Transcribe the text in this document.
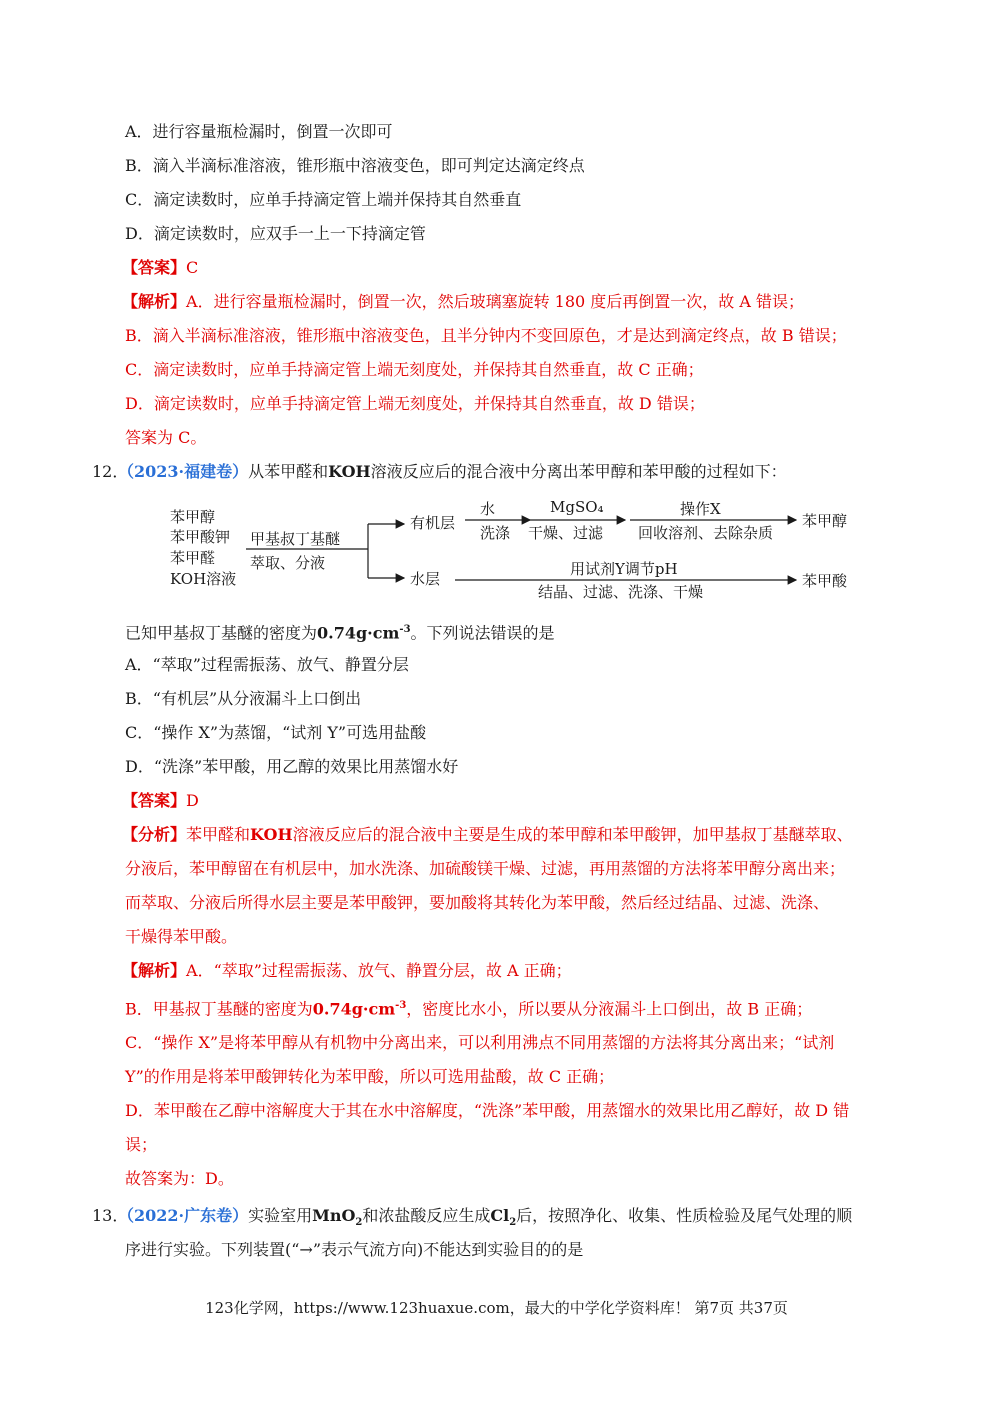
A．进行容量瓶检漏时，倒置一次即可
B．滴入半滴标准溶液，锥形瓶中溶液变色，即可判定达滴定终点
C．滴定读数时，应单手持滴定管上端并保持其自然垂直
D．滴定读数时，应双手一上一下持滴定管
【答案】C
【解析】A．进行容量瓶检漏时，倒置一次，然后玻璃塞旋转 180 度后再倒置一次，故 A 错误；
B．滴入半滴标准溶液，锥形瓶中溶液变色，且半分钟内不变回原色，才是达到滴定终点，故 B 错误；
C．滴定读数时，应单手持滴定管上端无刻度处，并保持其自然垂直，故 C 正确；
D．滴定读数时，应单手持滴定管上端无刻度处，并保持其自然垂直，故 D 错误；
答案为 C。
12．
（2023·福建卷）从苯甲醛和KOH溶液反应后的混合液中分离出苯甲醇和苯甲酸的过程如下：
苯甲醇
苯甲酸钾
苯甲醛
KOH溶液
甲基叔丁基醚
萃取、分液
有机层
水
洗涤
MgSO₄
干燥、过滤
操作X
回收溶剂、去除杂质
苯甲醇
水层
用试剂Y调节pH
结晶、过滤、洗涤、干燥
苯甲酸
已知甲基叔丁基醚的密度为$0.74g\cdot cm^{-3}$。下列说法错误的是
A．“萃取”过程需振荡、放气、静置分层
B．“有机层”从分液漏斗上口倒出
C．“操作 X”为蒸馏，“试剂 Y”可选用盐酸
D．“洗涤”苯甲酸，用乙醇的效果比用蒸馏水好
【答案】D
【分析】苯甲醛和KOH溶液反应后的混合液中主要是生成的苯甲醇和苯甲酸钾，加甲基叔丁基醚萃取、
分液后，苯甲醇留在有机层中，加水洗涤、加硫酸镁干燥、过滤，再用蒸馏的方法将苯甲醇分离出来；
而萃取、分液后所得水层主要是苯甲酸钾，要加酸将其转化为苯甲酸，然后经过结晶、过滤、洗涤、
干燥得苯甲酸。
【解析】A．“萃取”过程需振荡、放气、静置分层，故 A 正确；
B．甲基叔丁基醚的密度为$0.74g\cdot cm^{-3}$，密度比水小，所以要从分液漏斗上口倒出，故 B 正确；
C．“操作 X”是将苯甲醇从有机物中分离出来，可以利用沸点不同用蒸馏的方法将其分离出来；“试剂
Y”的作用是将苯甲酸钾转化为苯甲酸，所以可选用盐酸，故 C 正确；
D．苯甲酸在乙醇中溶解度大于其在水中溶解度，“洗涤”苯甲酸，用蒸馏水的效果比用乙醇好，故 D 错
误；
故答案为：D。
13．
（2022·广东卷）实验室用MnO$_2$和浓盐酸反应生成$Cl_2$后，按照净化、收集、性质检验及尾气处理的顺
序进行实验。下列装置(“→”表示气流方向)不能达到实验目的的是
123化学网，https://www.123huaxue.com，最大的中学化学资料库！ 第7页 共37页
